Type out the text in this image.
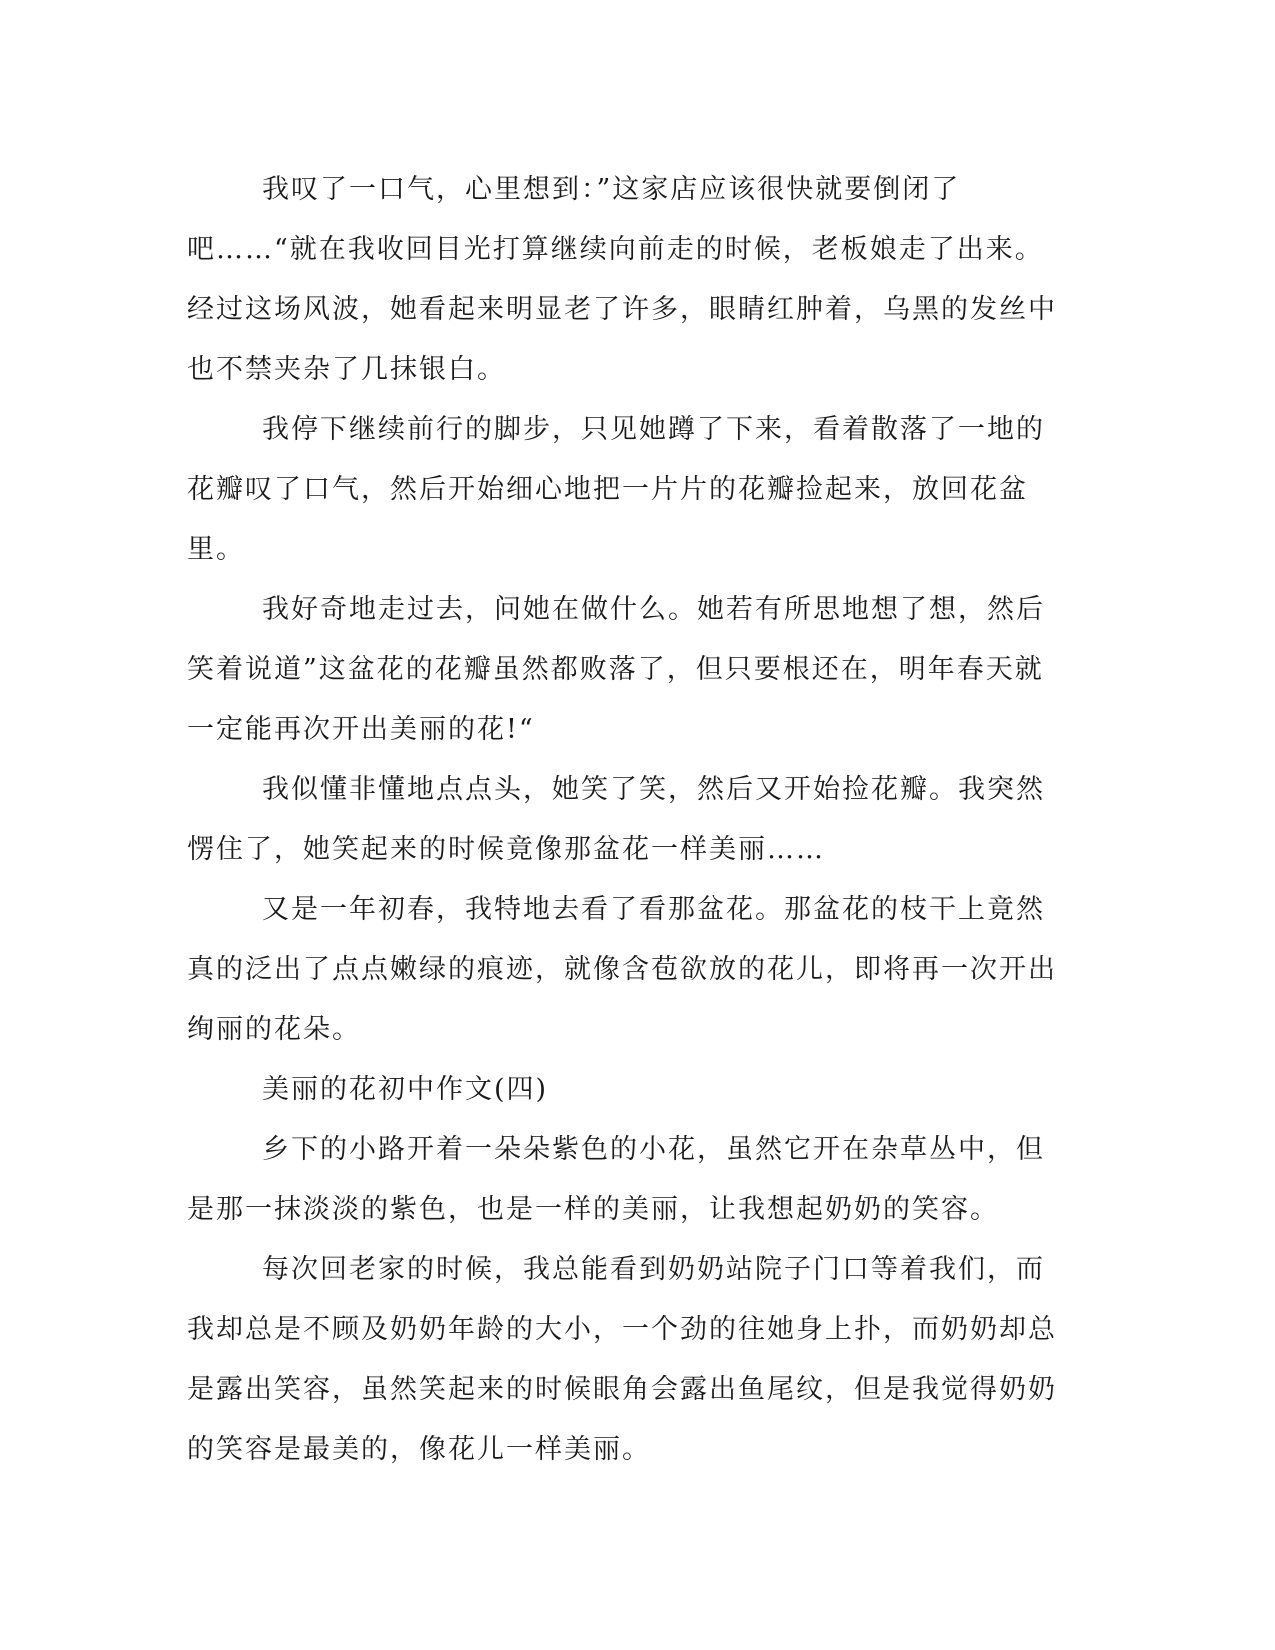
我叹了一口气，心里想到：”这家店应该很快就要倒闭了吧……“就在我收回目光打算继续向前走的时候，老板娘走了出来。经过这场风波，她看起来明显老了许多，眼睛红肿着，乌黑的发丝中也不禁夹杂了几抹银白。

我停下继续前行的脚步，只见她蹲了下来，看着散落了一地的花瓣叹了口气，然后开始细心地把一片片的花瓣捡起来，放回花盆里。

我好奇地走过去，问她在做什么。她若有所思地想了想，然后笑着说道”这盆花的花瓣虽然都败落了，但只要根还在，明年春天就一定能再次开出美丽的花!“

我似懂非懂地点点头，她笑了笑，然后又开始捡花瓣。我突然愣住了，她笑起来的时候竟像那盆花一样美丽……

又是一年初春，我特地去看了看那盆花。那盆花的枝干上竟然真的泛出了点点嫩绿的痕迹，就像含苞欲放的花儿，即将再一次开出绚丽的花朵。

美丽的花初中作文(四)

乡下的小路开着一朵朵紫色的小花，虽然它开在杂草丛中，但是那一抹淡淡的紫色，也是一样的美丽，让我想起奶奶的笑容。

每次回老家的时候，我总能看到奶奶站院子门口等着我们，而我却总是不顾及奶奶年龄的大小，一个劲的往她身上扑，而奶奶却总是露出笑容，虽然笑起来的时候眼角会露出鱼尾纹，但是我觉得奶奶的笑容是最美的，像花儿一样美丽。
